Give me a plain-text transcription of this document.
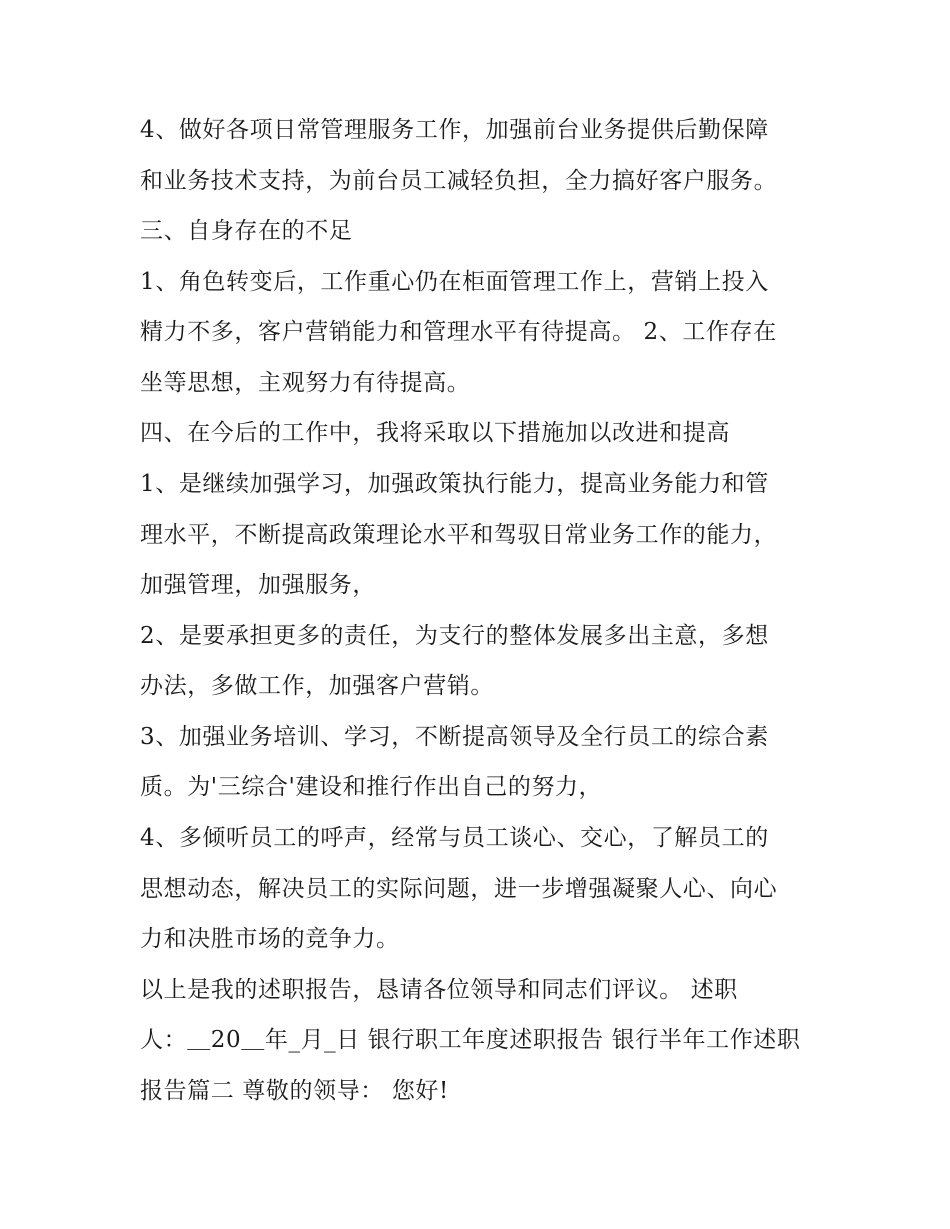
4、做好各项日常管理服务工作，加强前台业务提供后勤保障

和业务技术支持，为前台员工减轻负担，全力搞好客户服务。

三、自身存在的不足

1、角色转变后，工作重心仍在柜面管理工作上，营销上投入

精力不多，客户营销能力和管理水平有待提高。 2、工作存在

坐等思想，主观努力有待提高。

四、在今后的工作中，我将采取以下措施加以改进和提高

1、是继续加强学习，加强政策执行能力，提高业务能力和管

理水平，不断提高政策理论水平和驾驭日常业务工作的能力，

加强管理，加强服务，

2、是要承担更多的责任，为支行的整体发展多出主意，多想

办法，多做工作，加强客户营销。

3、加强业务培训、学习，不断提高领导及全行员工的综合素

质。为'三综合'建设和推行作出自己的努力，

4、多倾听员工的呼声，经常与员工谈心、交心，了解员工的

思想动态，解决员工的实际问题，进一步增强凝聚人心、向心

力和决胜市场的竞争力。

以上是我的述职报告，恳请各位领导和同志们评议。 述职

人：＿20＿年_月_日 银行职工年度述职报告 银行半年工作述职

报告篇二 尊敬的领导： 您好!
